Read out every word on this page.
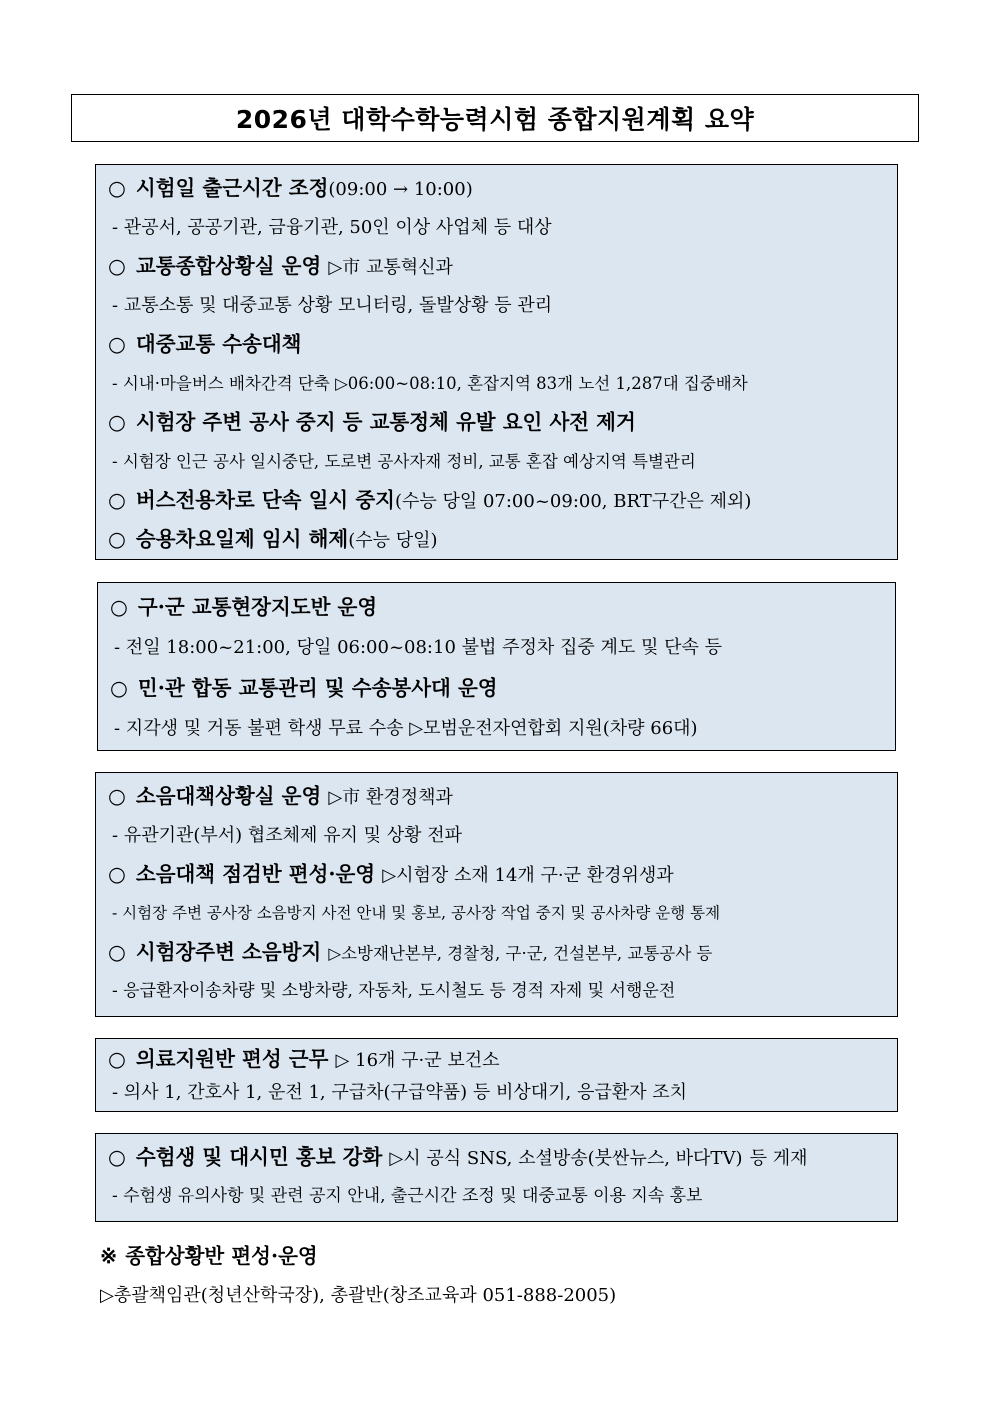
2026년 대학수학능력시험 종합지원계획 요약
○ 시험일 출근시간 조정(09:00 → 10:00)
- 관공서, 공공기관, 금융기관, 50인 이상 사업체 등 대상
○ 교통종합상황실 운영 ▷市 교통혁신과
- 교통소통 및 대중교통 상황 모니터링, 돌발상황 등 관리
○ 대중교통 수송대책
- 시내·마을버스 배차간격 단축 ▷06:00~08:10, 혼잡지역 83개 노선 1,287대 집중배차
○ 시험장 주변 공사 중지 등 교통정체 유발 요인 사전 제거
- 시험장 인근 공사 일시중단, 도로변 공사자재 정비, 교통 혼잡 예상지역 특별관리
○ 버스전용차로 단속 일시 중지(수능 당일 07:00~09:00, BRT구간은 제외)
○ 승용차요일제 임시 해제(수능 당일)
○ 구·군 교통현장지도반 운영
- 전일 18:00~21:00, 당일 06:00~08:10 불법 주정차 집중 계도 및 단속 등
○ 민·관 합동 교통관리 및 수송봉사대 운영
- 지각생 및 거동 불편 학생 무료 수송 ▷모범운전자연합회 지원(차량 66대)
○ 소음대책상황실 운영 ▷市 환경정책과
- 유관기관(부서) 협조체제 유지 및 상황 전파
○ 소음대책 점검반 편성·운영 ▷시험장 소재 14개 구·군 환경위생과
- 시험장 주변 공사장 소음방지 사전 안내 및 홍보, 공사장 작업 중지 및 공사차량 운행 통제
○ 시험장주변 소음방지 ▷소방재난본부, 경찰청, 구·군, 건설본부, 교통공사 등
- 응급환자이송차량 및 소방차량, 자동차, 도시철도 등 경적 자제 및 서행운전
○ 의료지원반 편성 근무 ▷ 16개 구·군 보건소
- 의사 1, 간호사 1, 운전 1, 구급차(구급약품) 등 비상대기, 응급환자 조치
○ 수험생 및 대시민 홍보 강화 ▷시 공식 SNS, 소셜방송(붓싼뉴스, 바다TV) 등 게재
- 수험생 유의사항 및 관련 공지 안내, 출근시간 조정 및 대중교통 이용 지속 홍보
※ 종합상황반 편성·운영
▷총괄책임관(청년산학국장), 총괄반(창조교육과 051-888-2005)
